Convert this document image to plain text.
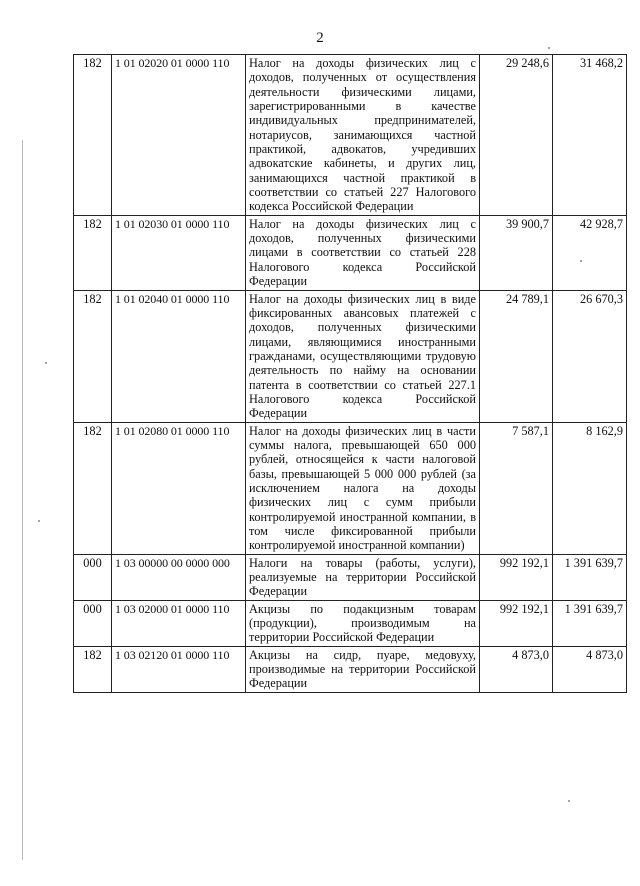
2
182	1 01 02020 01 0000 110	Налог на доходы физических лиц с доходов, полученных от осуществления деятельности физическими лицами, зарегистрированными в качестве индивидуальных предпринимателей, нотариусов, занимающихся частной практикой, адвокатов, учредивших адвокатские кабинеты, и других лиц, занимающихся частной практикой в соответствии со статьей 227 Налогового кодекса Российской Федерации	29 248,6	31 468,2
182	1 01 02030 01 0000 110	Налог на доходы физических лиц с доходов, полученных физическими лицами в соответствии со статьей 228 Налогового кодекса Российской Федерации	39 900,7	42 928,7
182	1 01 02040 01 0000 110	Налог на доходы физических лиц в виде фиксированных авансовых платежей с доходов, полученных физическими лицами, являющимися иностранными гражданами, осуществляющими трудовую деятельность по найму на основании патента в соответствии со статьей 227.1 Налогового кодекса Российской Федерации	24 789,1	26 670,3
182	1 01 02080 01 0000 110	Налог на доходы физических лиц в части суммы налога, превышающей 650 000 рублей, относящейся к части налоговой базы, превышающей 5 000 000 рублей (за исключением налога на доходы физических лиц с сумм прибыли контролируемой иностранной компании, в том числе фиксированной прибыли контролируемой иностранной компании)	7 587,1	8 162,9
000	1 03 00000 00 0000 000	Налоги на товары (работы, услуги), реализуемые на территории Российской Федерации	992 192,1	1 391 639,7
000	1 03 02000 01 0000 110	Акцизы по подакцизным товарам (продукции), производимым на территории Российской Федерации	992 192,1	1 391 639,7
182	1 03 02120 01 0000 110	Акцизы на сидр, пуаре, медовуху, производимые на территории Российской Федерации	4 873,0	4 873,0
